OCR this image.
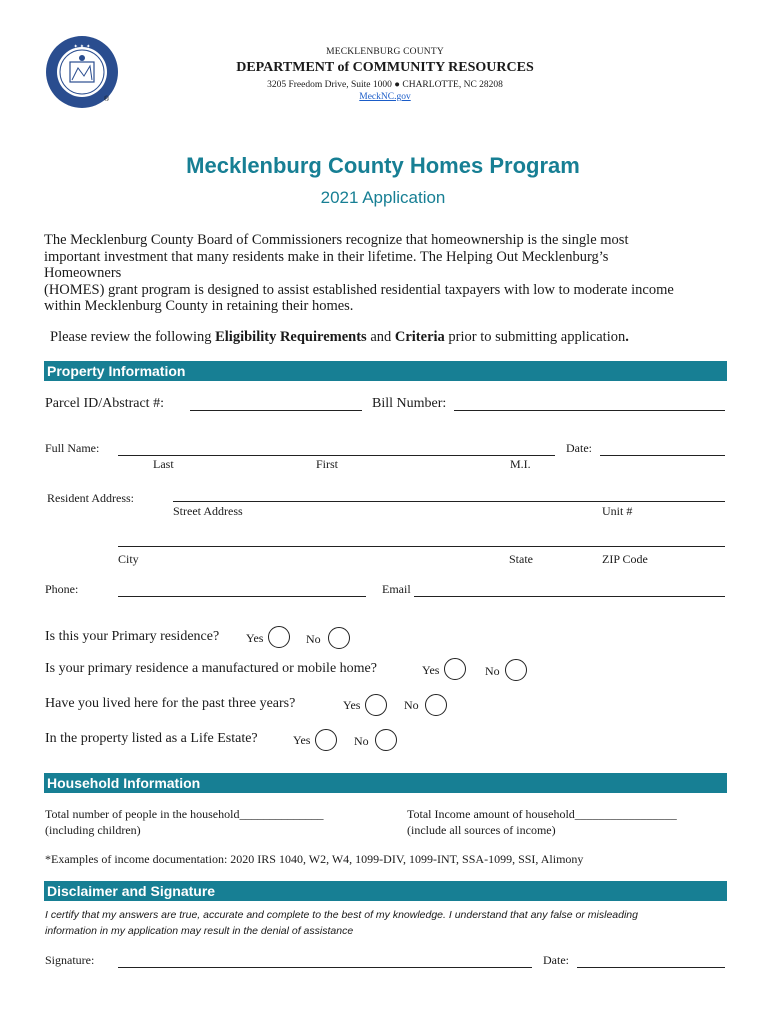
✦ ✦ ✦
®
MECKLENBURG COUNTY
DEPARTMENT of COMMUNITY RESOURCES
3205 Freedom Drive, Suite 1000 ● CHARLOTTE, NC 28208
MeckNC.gov
Mecklenburg County Homes Program
2021 Application
The Mecklenburg County Board of Commissioners recognize that homeownership is the single most
important investment that many residents make in their lifetime. The Helping Out Mecklenburg’s
Homeowners
(HOMES) grant program is designed to assist established residential taxpayers with low to moderate income
within Mecklenburg County in retaining their homes.
Please review the following Eligibility Requirements and Criteria prior to submitting application.
Property Information
Parcel ID/Abstract #:	Bill Number:
Full Name:	Date:
Last	First	M.I.
Resident Address:
Street Address	Unit #
City	State	ZIP Code
Phone:	Email
Is this your Primary residence? Yes	No
Is your primary residence a manufactured or mobile home?	Yes	No
Have you lived here for the past three years?	Yes	No
In the property listed as a Life Estate?	Yes	No
Household Information
Total number of people in the household______________
(including children)
Total Income amount of household_________________
(include all sources of income)
*Examples of income documentation: 2020 IRS 1040, W2, W4, 1099-DIV, 1099-INT, SSA-1099, SSI, Alimony
Disclaimer and Signature
I certify that my answers are true, accurate and complete to the best of my knowledge. I understand that any false or misleading
information in my application may result in the denial of assistance
Signature:	Date:
